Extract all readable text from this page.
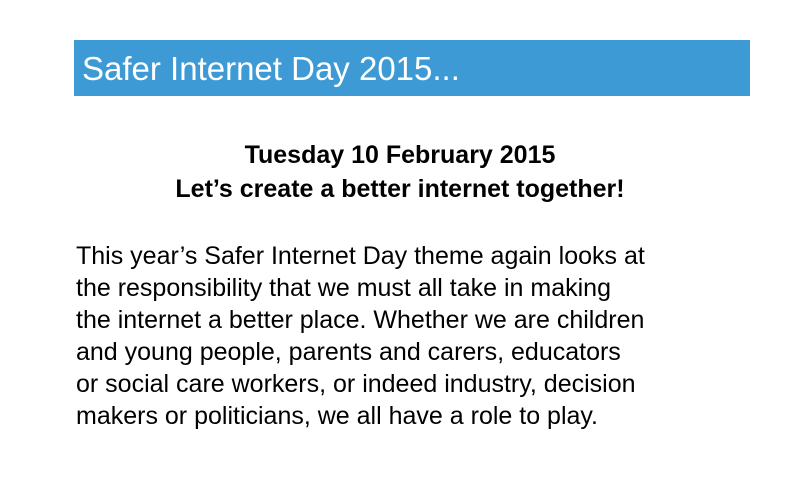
Safer Internet Day 2015...
Tuesday 10 February 2015
Let’s create a better internet together!
This year’s Safer Internet Day theme again looks at
the responsibility that we must all take in making
the internet a better place. Whether we are children
and young people, parents and carers, educators
or social care workers, or indeed industry, decision
makers or politicians, we all have a role to play.
